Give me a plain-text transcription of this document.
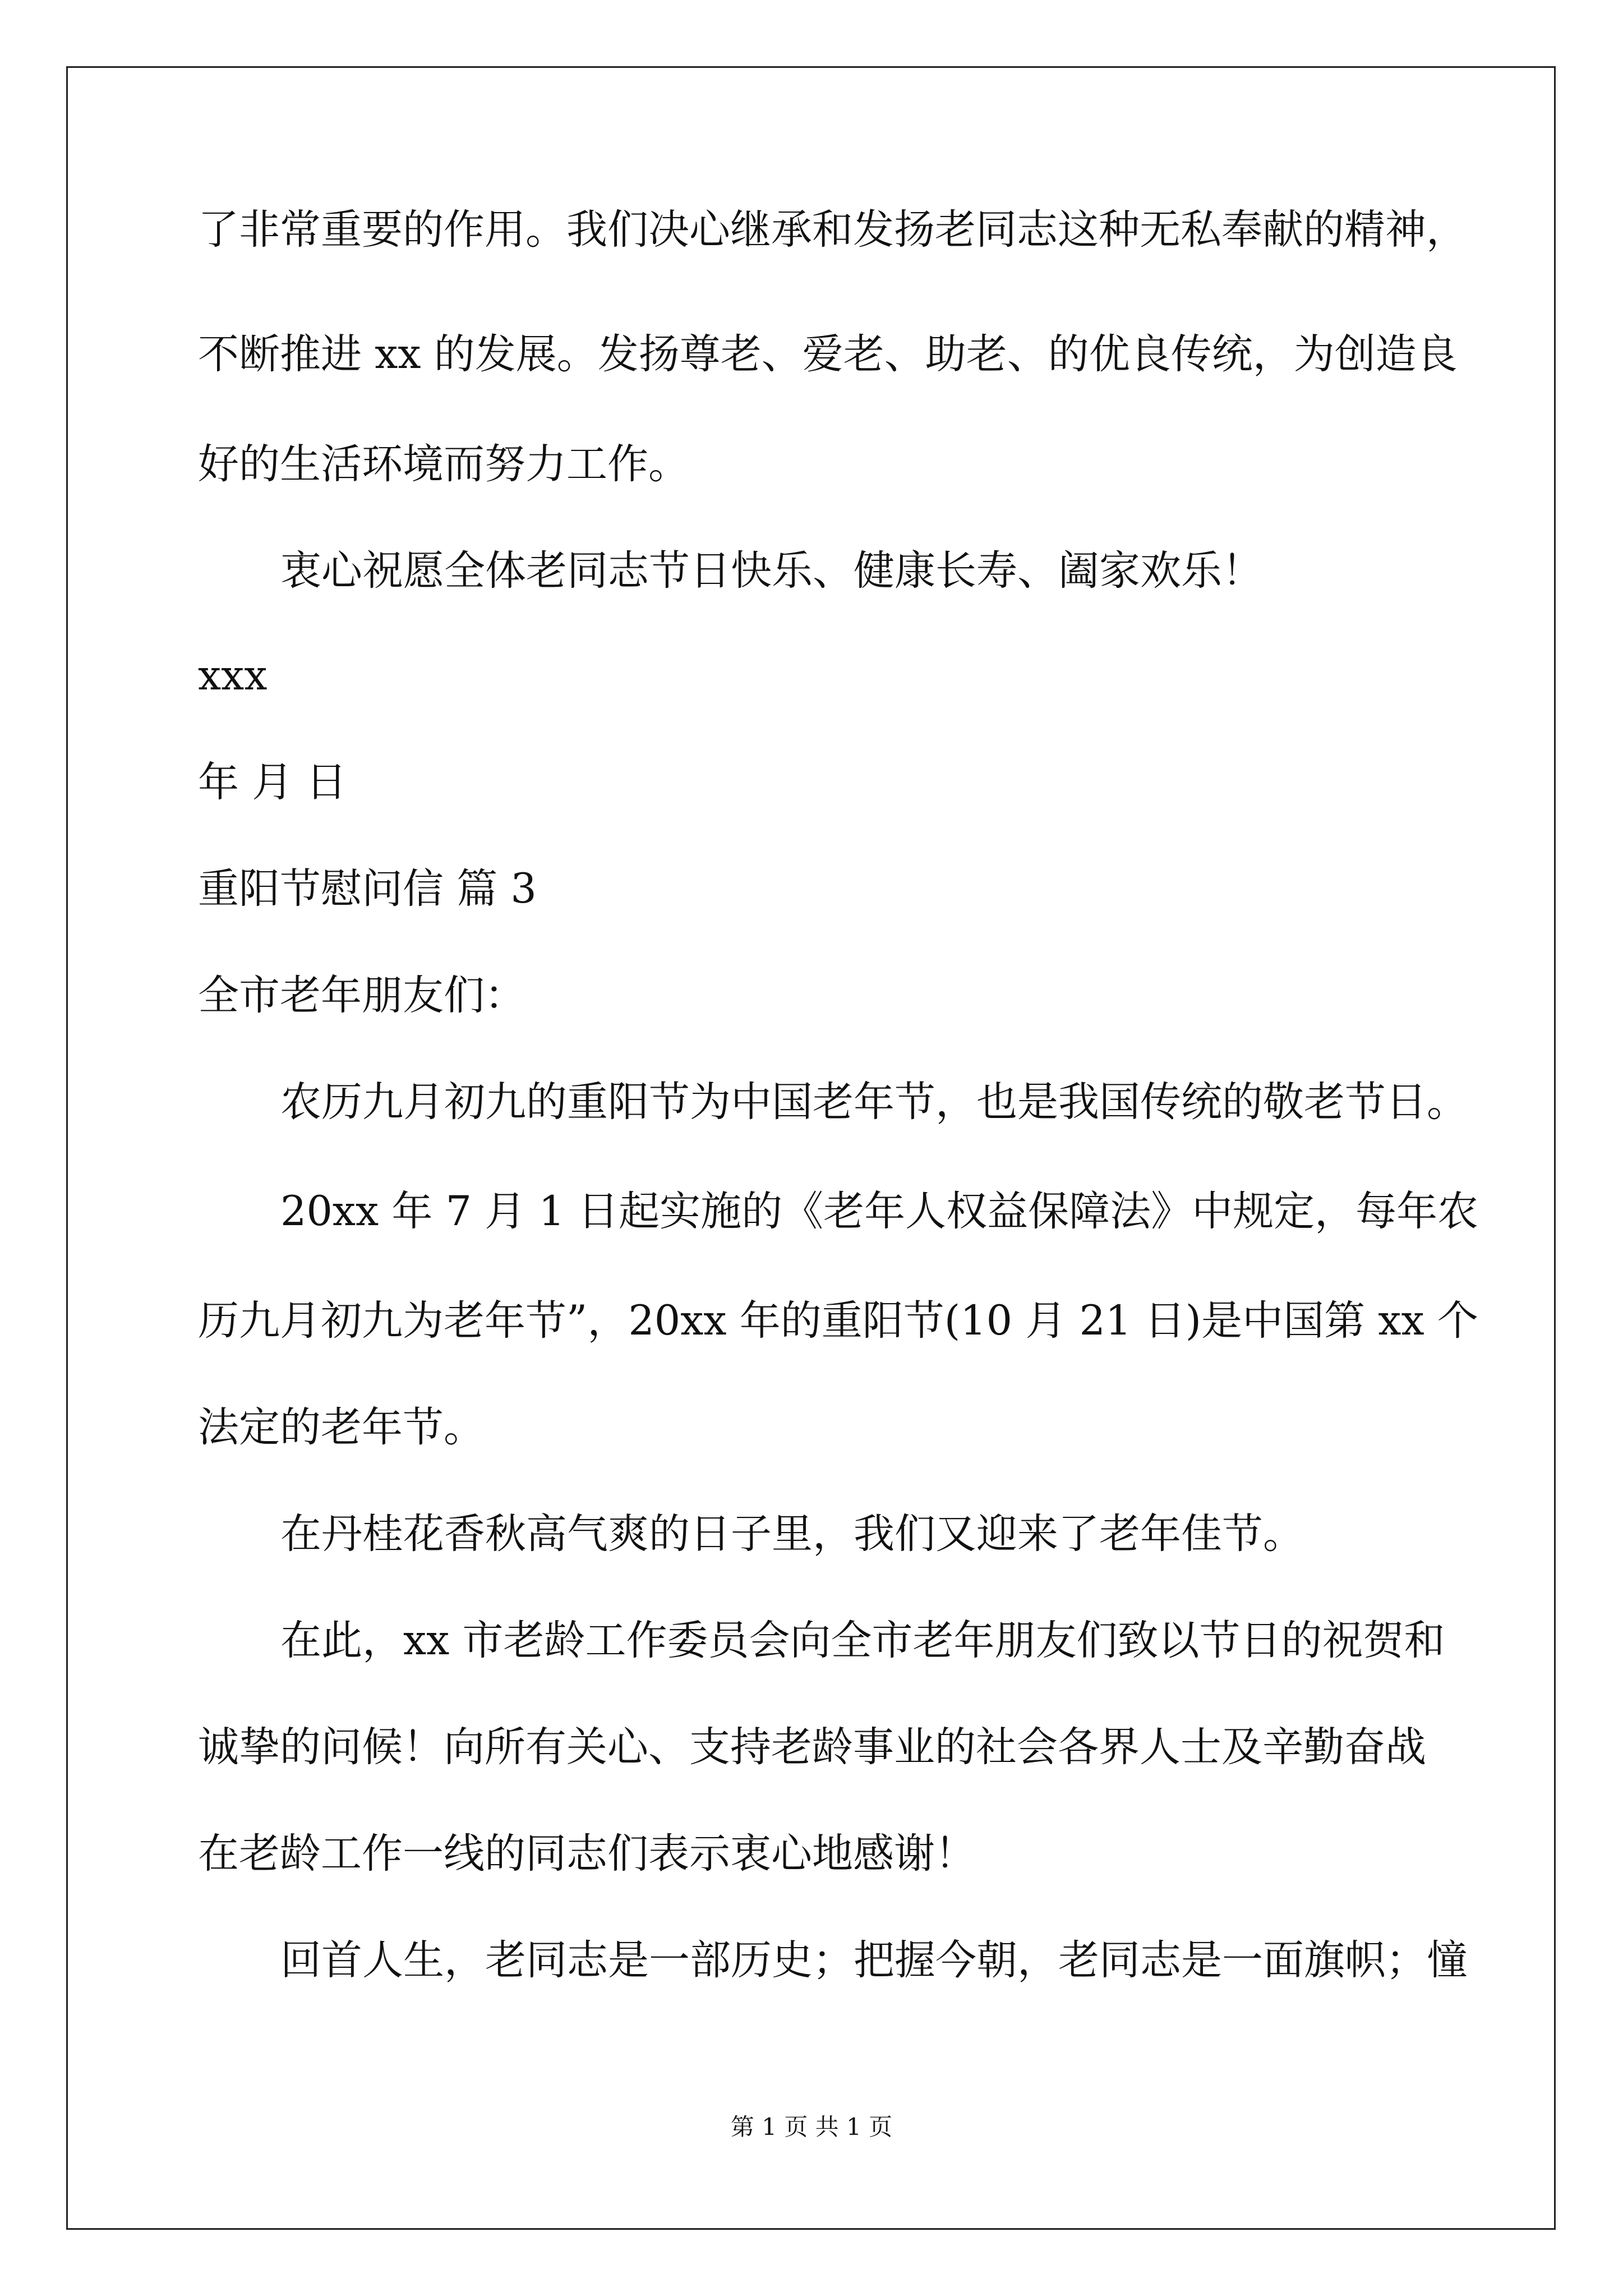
了非常重要的作用。我们决心继承和发扬老同志这种无私奉献的精神，
不断推进 xx 的发展。发扬尊老、爱老、助老、的优良传统，为创造良
好的生活环境而努力工作。
衷心祝愿全体老同志节日快乐、健康长寿、阖家欢乐！
xxx
年 月 日
重阳节慰问信 篇 3
全市老年朋友们：
农历九月初九的重阳节为中国老年节，也是我国传统的敬老节日。
20xx 年 7 月 1 日起实施的《老年人权益保障法》中规定，每年农
历九月初九为老年节”，20xx 年的重阳节(10 月 21 日)是中国第 xx 个
法定的老年节。
在丹桂花香秋高气爽的日子里，我们又迎来了老年佳节。
在此，xx 市老龄工作委员会向全市老年朋友们致以节日的祝贺和
诚挚的问候！向所有关心、支持老龄事业的社会各界人士及辛勤奋战
在老龄工作一线的同志们表示衷心地感谢！
回首人生，老同志是一部历史；把握今朝，老同志是一面旗帜；憧
第 1 页 共 1 页
